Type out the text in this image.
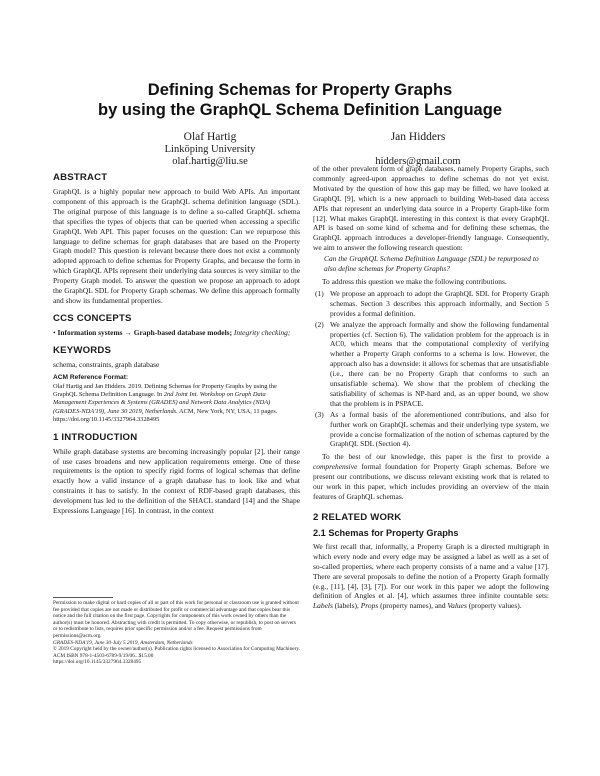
Defining Schemas for Property Graphs
by using the GraphQL Schema Definition Language
Olaf Hartig
Linköping University
olaf.hartig@liu.se
Jan Hidders
hidders@gmail.com
ABSTRACT

GraphQL is a highly popular new approach to build Web APIs. An important component of this approach is the GraphQL schema definition language (SDL). The original purpose of this language is to define a so-called GraphQL schema that specifies the types of objects that can be queried when accessing a specific GraphQL Web API. This paper focuses on the question: Can we repurpose this language to define schemas for graph databases that are based on the Property Graph model? This question is relevant because there does not exist a commonly adopted approach to define schemas for Property Graphs, and because the form in which GraphQL APIs represent their underlying data sources is very similar to the Property Graph model. To answer the question we propose an approach to adopt the GraphQL SDL for Property Graph schemas. We define this approach formally and show its fundamental properties.

CCS CONCEPTS

• Information systems → Graph-based database models; Integrity checking;

KEYWORDS

schema, constraints, graph database

ACM Reference Format:

Olaf Hartig and Jan Hidders. 2019. Defining Schemas for Property Graphs by using the GraphQL Schema Definition Language. In 2nd Joint Int. Workshop on Graph Data Management Experiences & Systems (GRADES) and Network Data Analytics (NDA) (GRADES-NDA'19), June 30 2019, Netherlands. ACM, New York, NY, USA, 11 pages. https://doi.org/10.1145/3327964.3328495

1 INTRODUCTION

While graph database systems are becoming increasingly popular [2], their range of use cases broadens and new application requirements emerge. One of these requirements is the option to specify rigid forms of logical schemas that define exactly how a valid instance of a graph database has to look like and what constraints it has to satisfy. In the context of RDF-based graph databases, this development has led to the definition of the SHACL standard [14] and the Shape Expressions Language [16]. In contrast, in the context

Permission to make digital or hard copies of all or part of this work for personal or classroom use is granted without fee provided that copies are not made or distributed for profit or commercial advantage and that copies bear this notice and the full citation on the first page. Copyrights for components of this work owned by others than the author(s) must be honored. Abstracting with credit is permitted. To copy otherwise, or republish, to post on servers or to redistribute to lists, requires prior specific permission and/or a fee. Request permissions from permissions@acm.org.

GRADES-NDA'19, June 30-July 5 2019, Amsterdam, Netherlands

© 2019 Copyright held by the owner/author(s). Publication rights licensed to Association for Computing Machinery.

ACM ISBN 978-1-4503-6789-9/19/06...$15.00

https://doi.org/10.1145/3327964.3328495

of the other prevalent form of graph databases, namely Property Graphs, such commonly agreed-upon approaches to define schemas do not yet exist. Motivated by the question of how this gap may be filled, we have looked at GraphQL [9], which is a new approach to building Web-based data access APIs that represent an underlying data source in a Property Graph-like form [12]. What makes GraphQL interesting in this context is that every GraphQL API is based on some kind of schema and for defining these schemas, the GraphQL approach introduces a developer-friendly language. Consequently, we aim to answer the following research question:

Can the GraphQL Schema Definition Language (SDL) be repurposed to also define schemas for Property Graphs?

To address this question we make the following contributions.

(1) We propose an approach to adopt the GraphQL SDL for Property Graph schemas. Section 3 describes this approach informally, and Section 5 provides a formal definition.
(2) We analyze the approach formally and show the following fundamental properties (cf. Section 6). The validation problem for the approach is in AC0, which means that the computational complexity of verifying whether a Property Graph conforms to a schema is low. However, the approach also has a downside: it allows for schemas that are unsatisfiable (i.e., there can be no Property Graph that conforms to such an unsatisfiable schema). We show that the problem of checking the satisfiability of schemas is NP-hard and, as an upper bound, we show that the problem is in PSPACE.
(3) As a formal basis of the aforementioned contributions, and also for further work on GraphQL schemas and their underlying type system, we provide a concise formalization of the notion of schemas captured by the GraphQL SDL (Section 4).

To the best of our knowledge, this paper is the first to provide a comprehensive formal foundation for Property Graph schemas. Before we present our contributions, we discuss relevant existing work that is related to our work in this paper, which includes providing an overview of the main features of GraphQL schemas.

2 RELATED WORK
2.1 Schemas for Property Graphs

We first recall that, informally, a Property Graph is a directed multigraph in which every node and every edge may be assigned a label as well as a set of so-called properties, where each property consists of a name and a value [17]. There are several proposals to define the notion of a Property Graph formally (e.g., [11], [4], [3], [7]). For our work in this paper we adopt the following definition of Angles et al. [4], which assumes three infinite countable sets: Labels (labels), Props (property names), and Values (property values).
